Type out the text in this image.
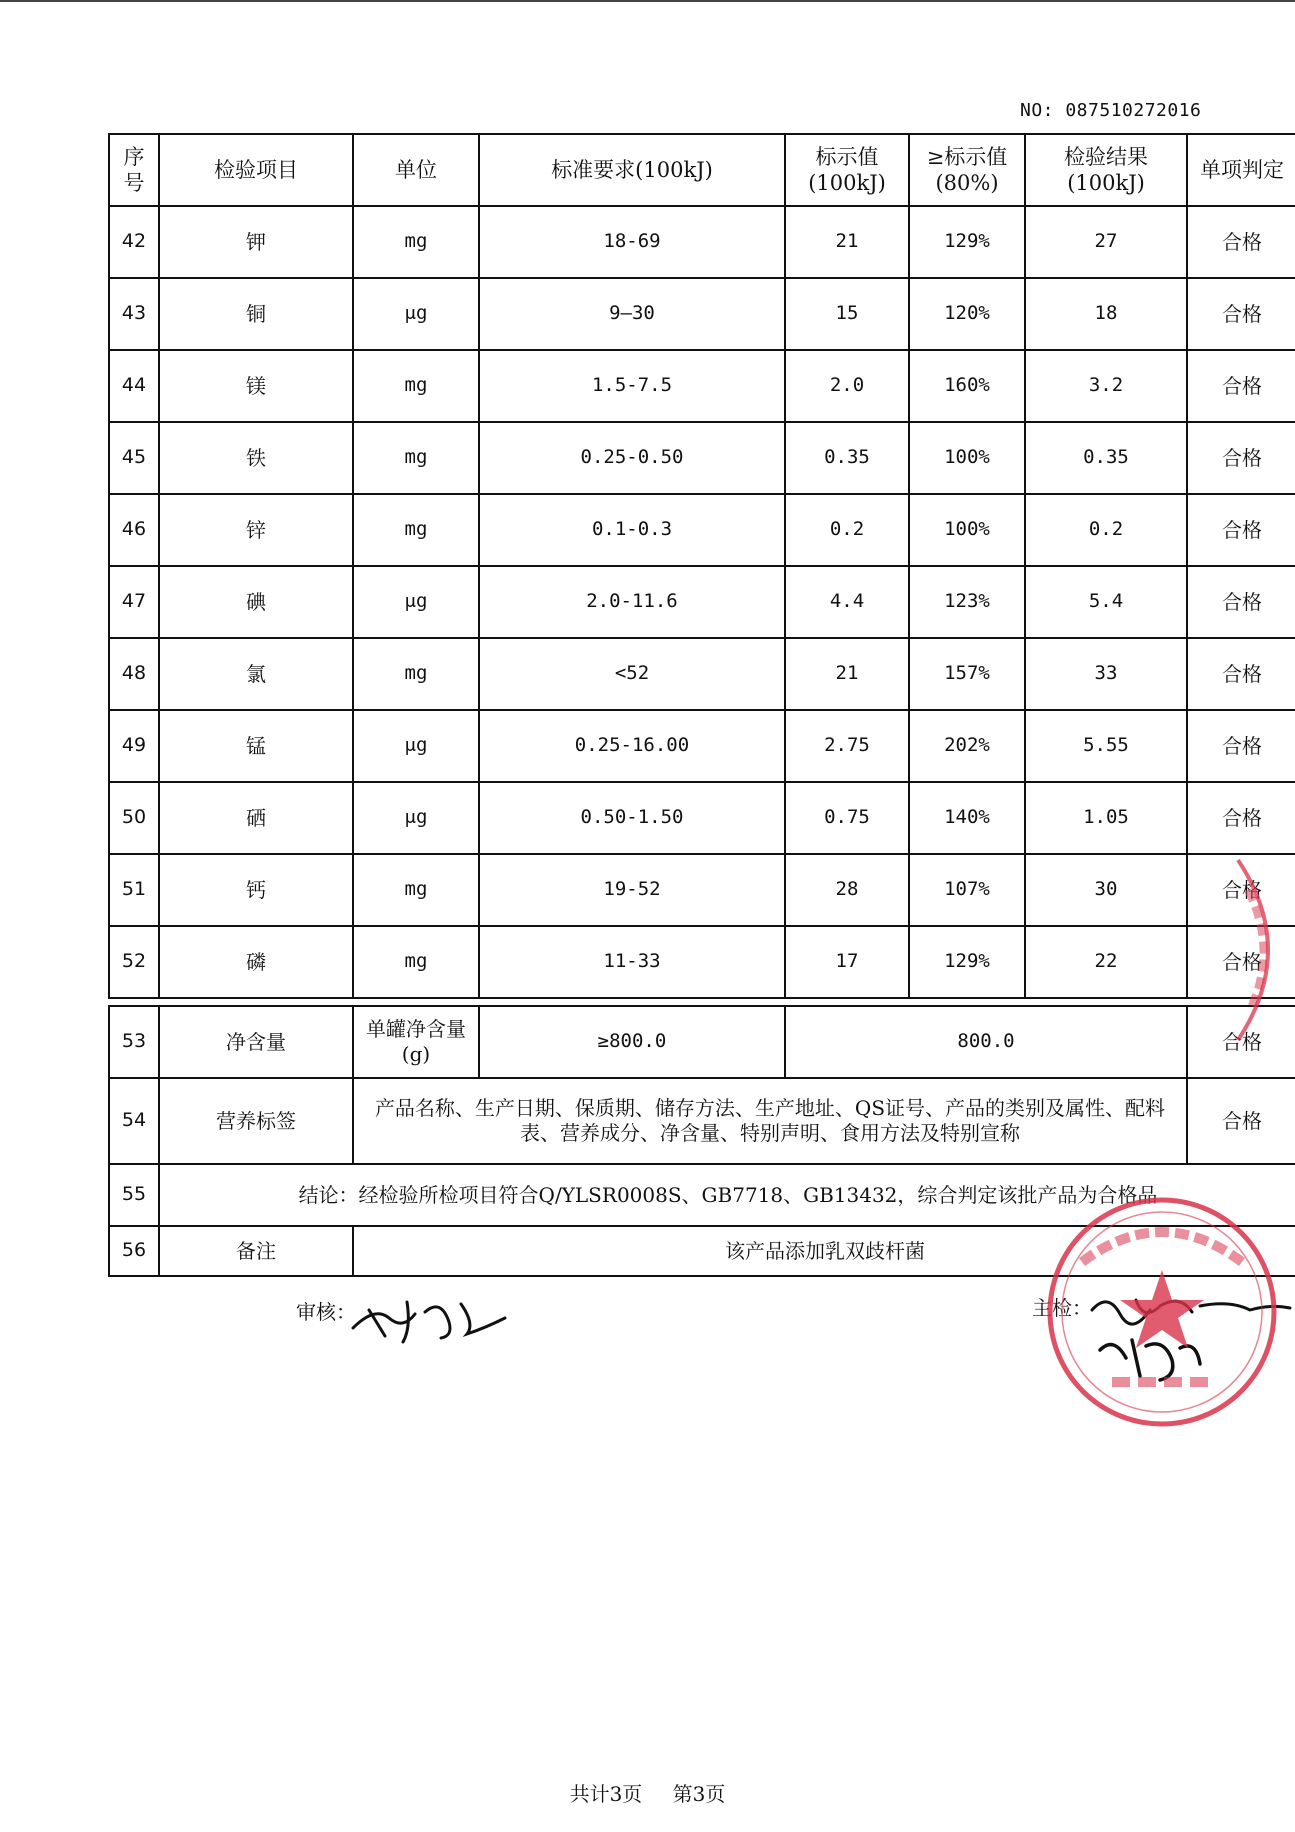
NO: 087510272016
序号	检验项目	单位	标准要求(100kJ)	标示值 (100kJ)	≥标示值 (80%)	检验结果 (100kJ)	单项判定
42	钾	mg	18-69	21	129%	27	合格
43	铜	μg	9—30	15	120%	18	合格
44	镁	mg	1.5-7.5	2.0	160%	3.2	合格
45	铁	mg	0.25-0.50	0.35	100%	0.35	合格
46	锌	mg	0.1-0.3	0.2	100%	0.2	合格
47	碘	μg	2.0-11.6	4.4	123%	5.4	合格
48	氯	mg	<52	21	157%	33	合格
49	锰	μg	0.25-16.00	2.75	202%	5.55	合格
50	硒	μg	0.50-1.50	0.75	140%	1.05	合格
51	钙	mg	19-52	28	107%	30	合格
52	磷	mg	11-33	17	129%	22	合格

53	净含量	单罐净含量 (g)	≥800.0	800.0			合格
54	营养标签	产品名称、生产日期、保质期、储存方法、生产地址、QS证号、产品的类别及属性、配料表、营养成分、净含量、特别声明、食用方法及特别宣称					合格
55	结论：经检验所检项目符合Q/YLSR0008S、GB7718、GB13432，综合判定该批产品为合格品						
56	备注	该产品添加乳双歧杆菌					
审核：	主检：
共计3页 第3页
